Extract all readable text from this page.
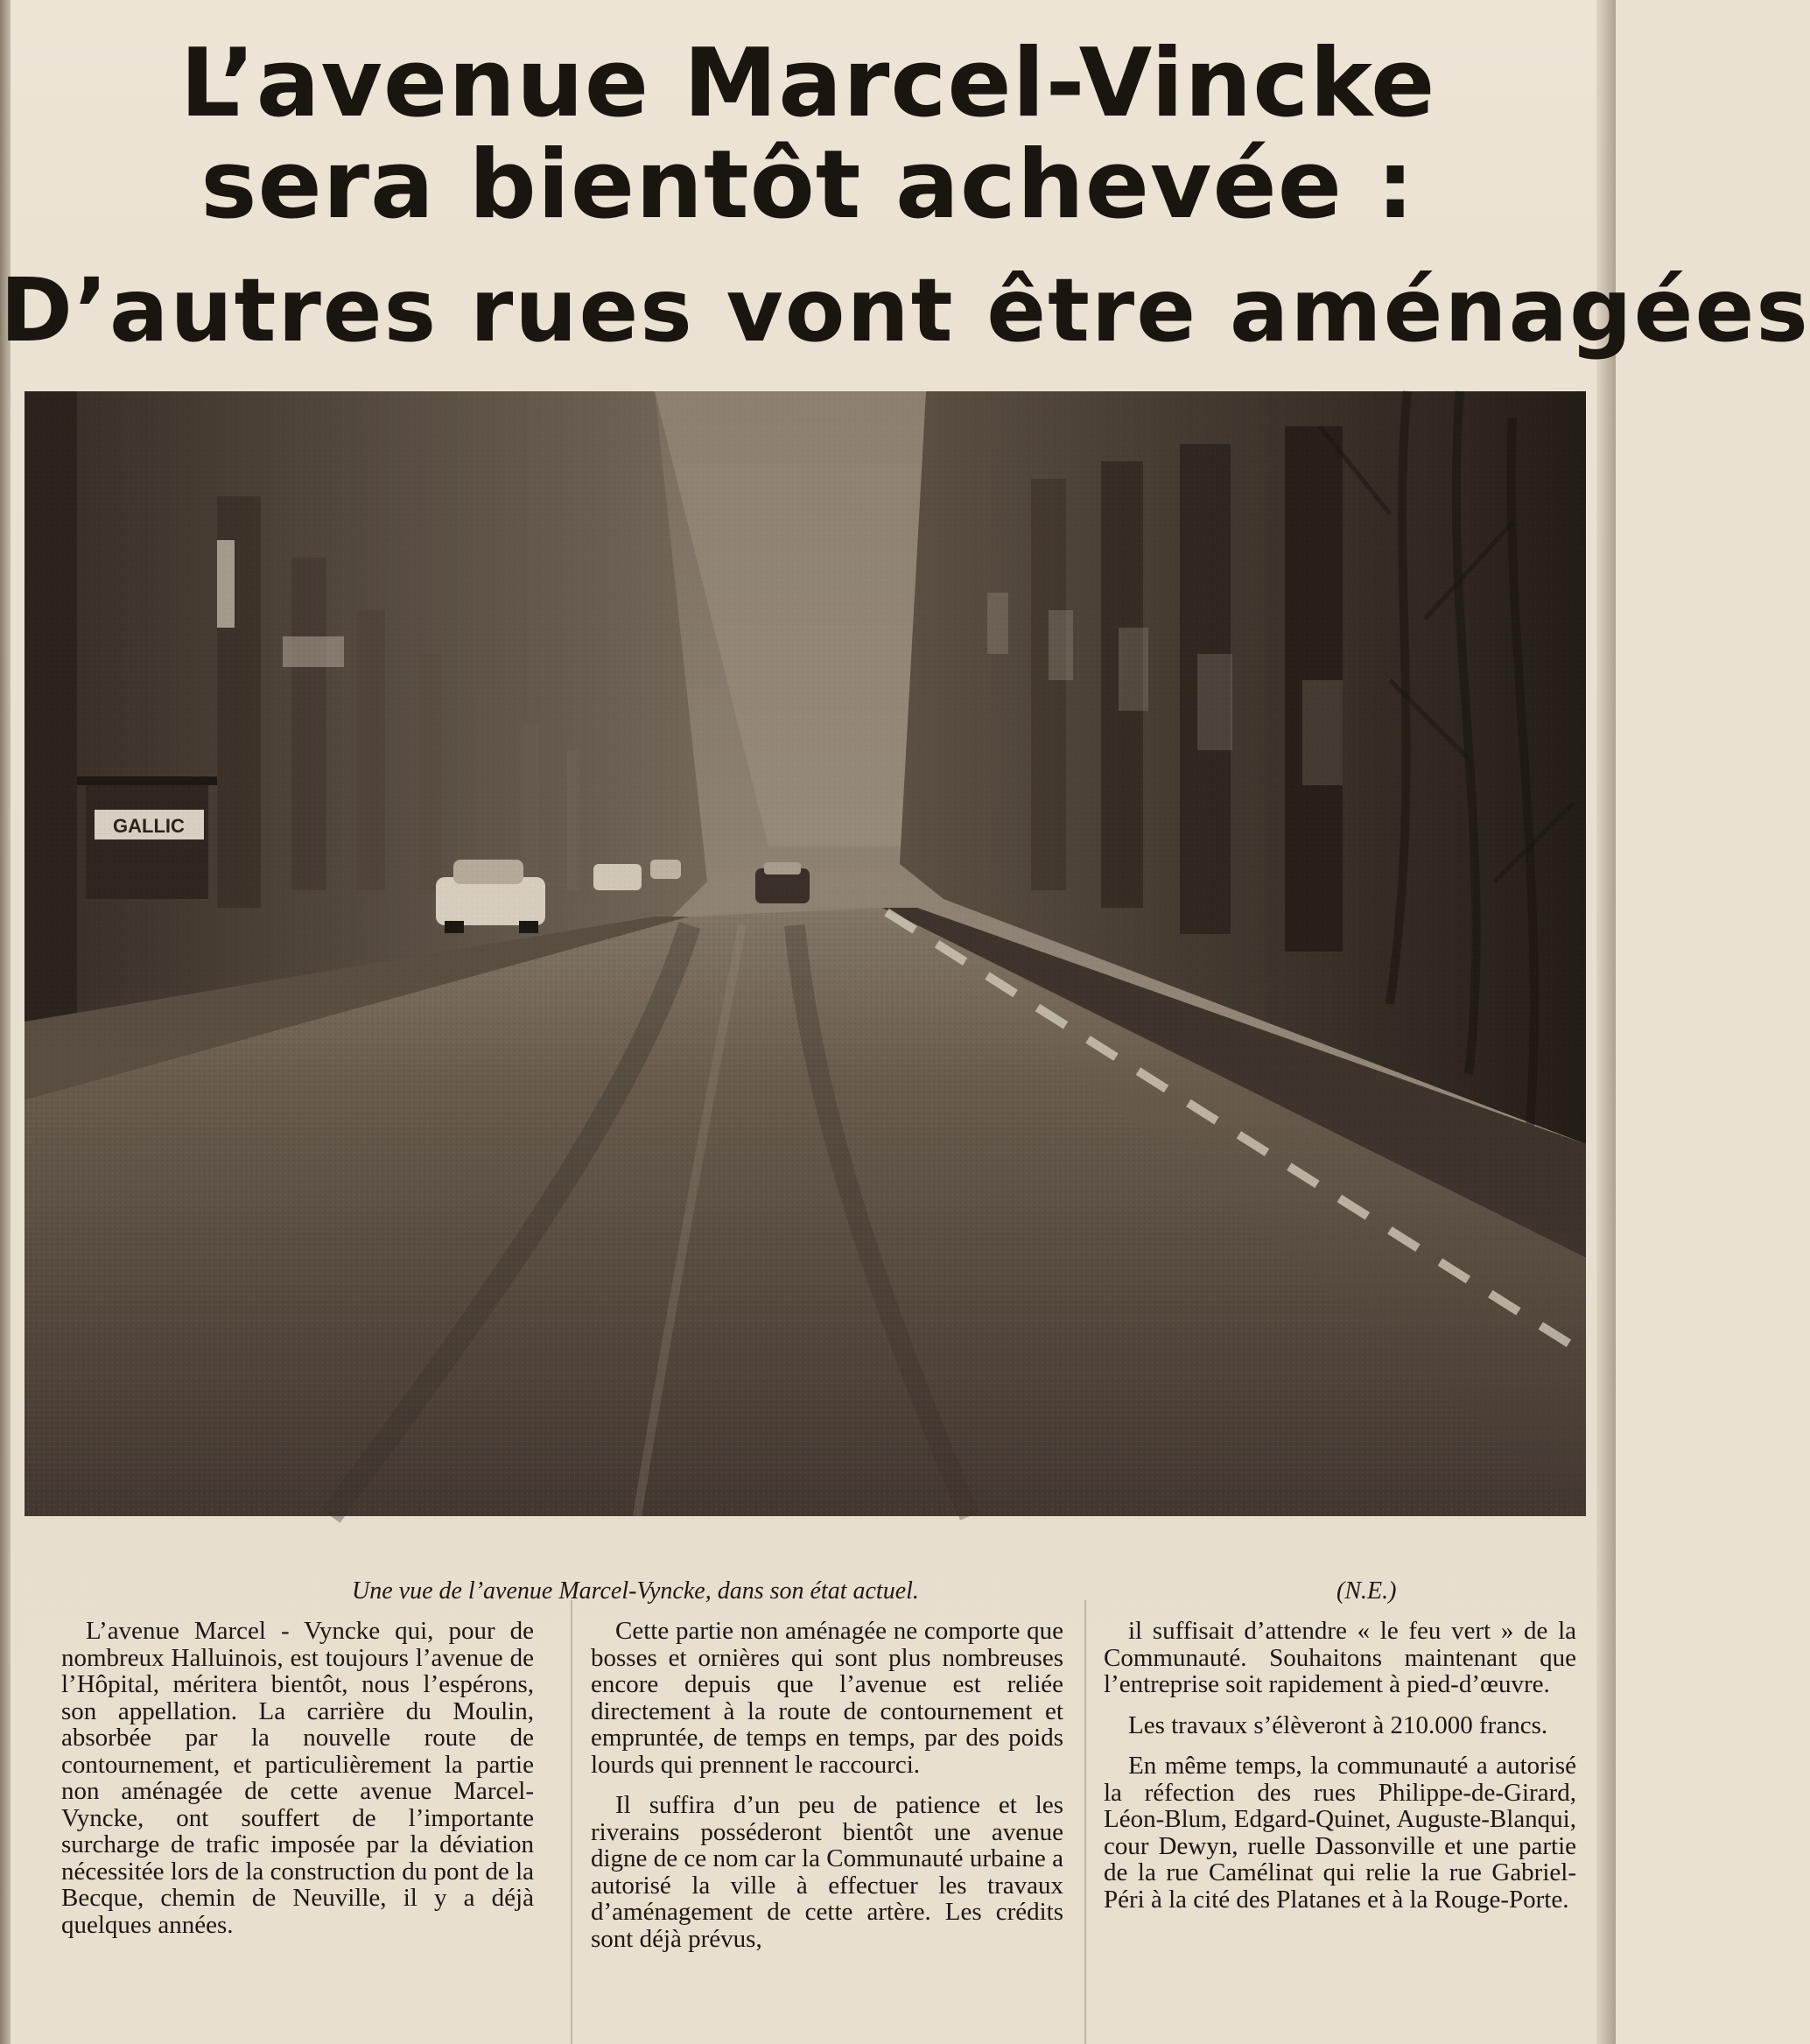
L’avenue Marcel-Vincke
sera bientôt achevée :
D’autres rues vont être aménagées
Une vue de l’avenue Marcel-Vyncke, dans son état actuel.	(N.E.)

L’avenue Marcel - Vyncke qui, pour de nombreux Halluinois, est toujours l’avenue de l’Hôpital, méritera bientôt, nous l’espérons, son appellation. La carrière du Moulin, absorbée par la nouvelle route de contournement, et particulièrement la partie non aménagée de cette avenue Marcel-Vyncke, ont souffert de l’importante surcharge de trafic imposée par la déviation nécessitée lors de la construction du pont de la Becque, chemin de Neuville, il y a déjà quelques années.

Cette partie non aménagée ne comporte que bosses et ornières qui sont plus nombreuses encore depuis que l’avenue est reliée directement à la route de contournement et empruntée, de temps en temps, par des poids lourds qui prennent le raccourci.

Il suffira d’un peu de patience et les riverains posséderont bientôt une avenue digne de ce nom car la Communauté urbaine a autorisé la ville à effectuer les travaux d’aménagement de cette artère. Les crédits sont déjà prévus,

il suffisait d’attendre « le feu vert » de la Communauté. Souhaitons maintenant que l’entreprise soit rapidement à pied-d’œuvre.

Les travaux s’élèveront à 210.000 francs.

En même temps, la communauté a autorisé la réfection des rues Philippe-de-Girard, Léon-Blum, Edgard-Quinet, Auguste-Blanqui, cour Dewyn, ruelle Dassonville et une partie de la rue Camélinat qui relie la rue Gabriel-Péri à la cité des Platanes et à la Rouge-Porte.
